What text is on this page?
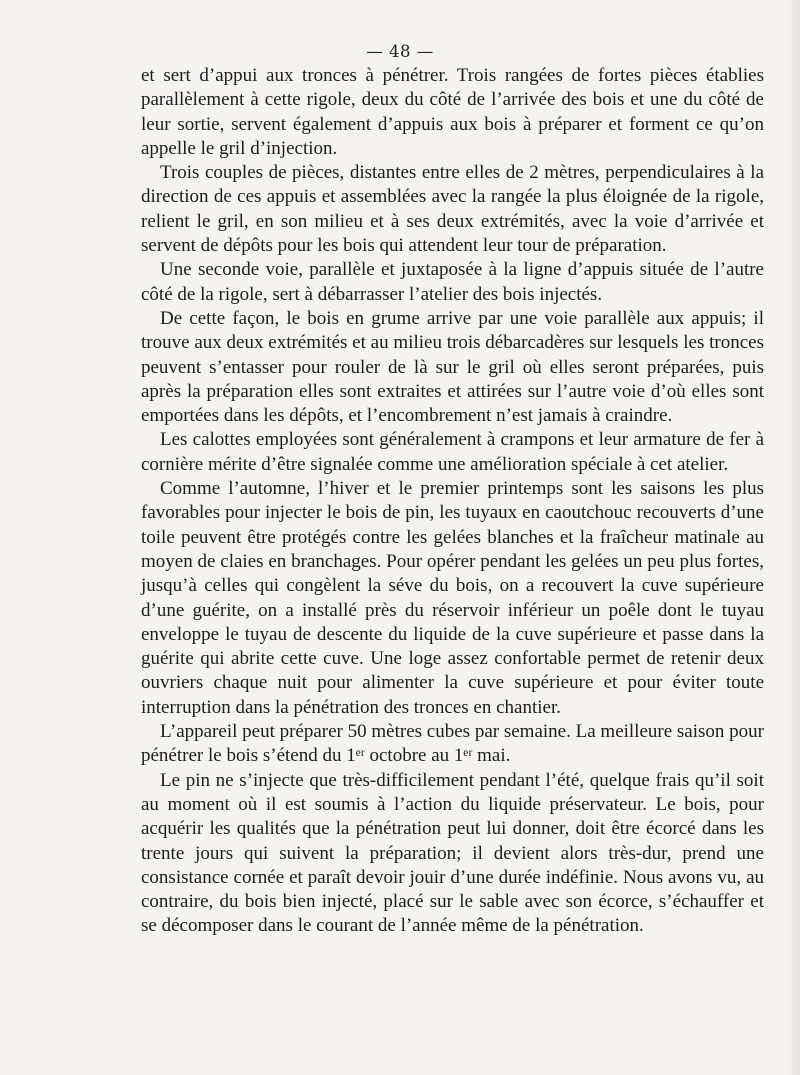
— 48 —

et sert d’appui aux tronces à pénétrer. Trois rangées de fortes pièces établies parallèlement à cette rigole, deux du côté de l’arrivée des bois et une du côté de leur sortie, servent également d’appuis aux bois à préparer et forment ce qu’on appelle le gril d’injection.

Trois couples de pièces, distantes entre elles de 2 mètres, perpendiculaires à la direction de ces appuis et assemblées avec la rangée la plus éloignée de la rigole, relient le gril, en son milieu et à ses deux extrémités, avec la voie d’arrivée et servent de dépôts pour les bois qui attendent leur tour de préparation.

Une seconde voie, parallèle et juxtaposée à la ligne d’appuis située de l’autre côté de la rigole, sert à débarrasser l’atelier des bois injectés.

De cette façon, le bois en grume arrive par une voie parallèle aux appuis; il trouve aux deux extrémités et au milieu trois débarcadères sur lesquels les tronces peuvent s’entasser pour rouler de là sur le gril où elles seront préparées, puis après la préparation elles sont extraites et attirées sur l’autre voie d’où elles sont emportées dans les dépôts, et l’encombrement n’est jamais à craindre.

Les calottes employées sont généralement à crampons et leur armature de fer à cornière mérite d’être signalée comme une amélioration spéciale à cet atelier.

Comme l’automne, l’hiver et le premier printemps sont les saisons les plus favorables pour injecter le bois de pin, les tuyaux en caoutchouc recouverts d’une toile peuvent être protégés contre les gelées blanches et la fraîcheur matinale au moyen de claies en branchages. Pour opérer pendant les gelées un peu plus fortes, jusqu’à celles qui congèlent la séve du bois, on a recouvert la cuve supérieure d’une guérite, on a installé près du réservoir inférieur un poêle dont le tuyau enveloppe le tuyau de descente du liquide de la cuve supérieure et passe dans la guérite qui abrite cette cuve. Une loge assez confortable permet de retenir deux ouvriers chaque nuit pour alimenter la cuve supérieure et pour éviter toute interruption dans la pénétration des tronces en chantier.

L’appareil peut préparer 50 mètres cubes par semaine. La meilleure saison pour pénétrer le bois s’étend du 1ᵉʳ octobre au 1ᵉʳ mai.

Le pin ne s’injecte que très-difficilement pendant l’été, quelque frais qu’il soit au moment où il est soumis à l’action du liquide préservateur. Le bois, pour acquérir les qualités que la pénétration peut lui donner, doit être écorcé dans les trente jours qui suivent la préparation; il devient alors très-dur, prend une consistance cornée et paraît devoir jouir d’une durée indéfinie. Nous avons vu, au contraire, du bois bien injecté, placé sur le sable avec son écorce, s’échauffer et se décomposer dans le courant de l’année même de la pénétration.
